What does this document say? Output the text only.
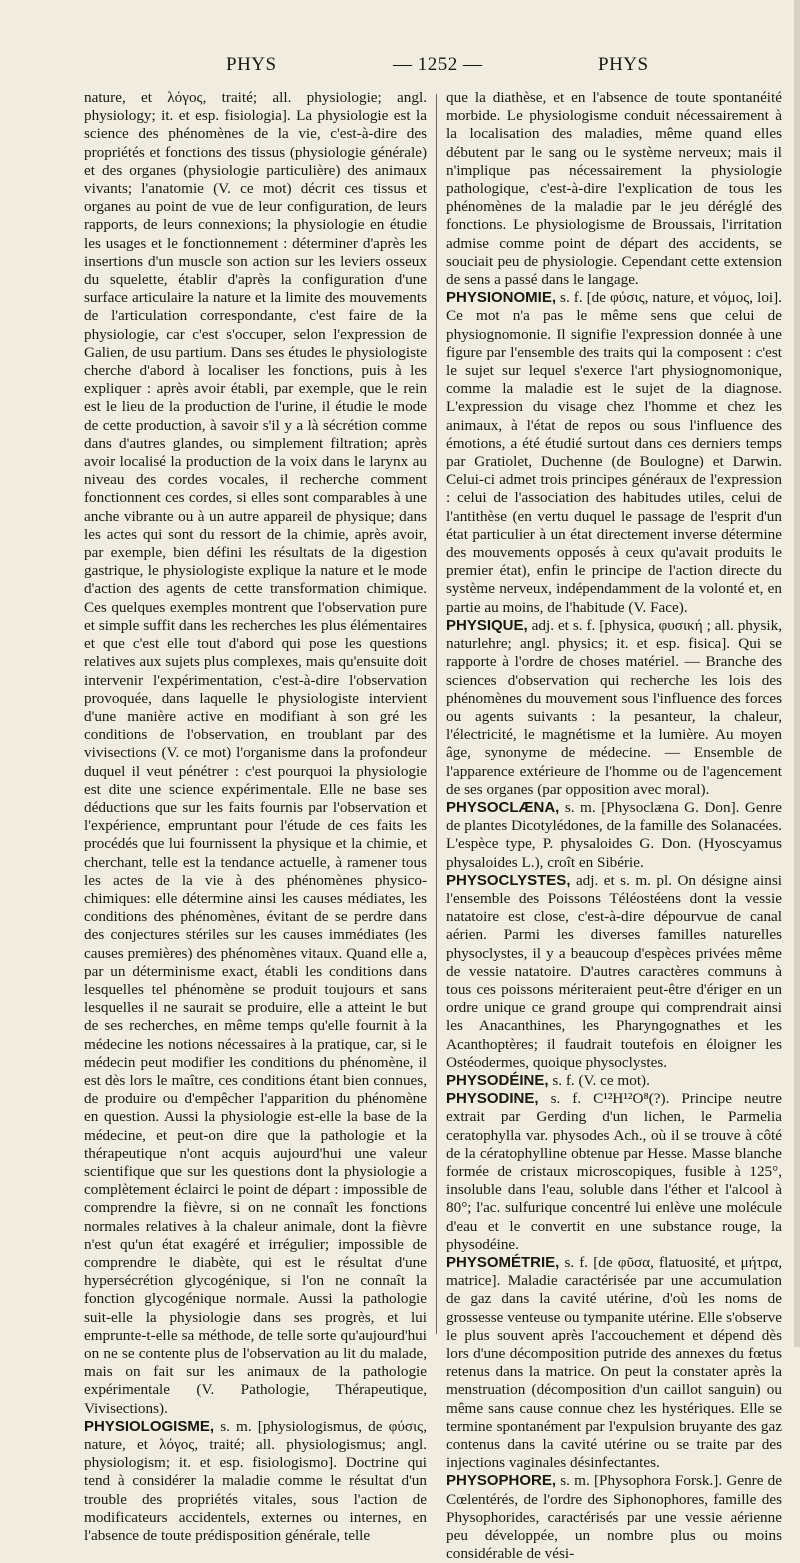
PHYS	— 1252 —	PHYS

nature, et λόγος, traité; all. physiologie; angl. physiology; it. et esp. fisiologia]. La physiologie est la science des phénomènes de la vie, c'est-à-dire des propriétés et fonctions des tissus (physiologie générale) et des organes (physiologie particulière) des animaux vivants; l'anatomie (V. ce mot) décrit ces tissus et organes au point de vue de leur configuration, de leurs rapports, de leurs connexions; la physiologie en étudie les usages et le fonctionnement : déterminer d'après les insertions d'un muscle son action sur les leviers osseux du squelette, établir d'après la configuration d'une surface articulaire la nature et la limite des mouvements de l'articulation correspondante, c'est faire de la physiologie, car c'est s'occuper, selon l'expression de Galien, de usu partium. Dans ses études le physiologiste cherche d'abord à localiser les fonctions, puis à les expliquer : après avoir établi, par exemple, que le rein est le lieu de la production de l'urine, il étudie le mode de cette production, à savoir s'il y a là sécrétion comme dans d'autres glandes, ou simplement filtration; après avoir localisé la production de la voix dans le larynx au niveau des cordes vocales, il recherche comment fonctionnent ces cordes, si elles sont comparables à une anche vibrante ou à un autre appareil de physique; dans les actes qui sont du ressort de la chimie, après avoir, par exemple, bien défini les résultats de la digestion gastrique, le physiologiste explique la nature et le mode d'action des agents de cette transformation chimique. Ces quelques exemples montrent que l'observation pure et simple suffit dans les recherches les plus élémentaires et que c'est elle tout d'abord qui pose les questions relatives aux sujets plus complexes, mais qu'ensuite doit intervenir l'expérimentation, c'est-à-dire l'observation provoquée, dans laquelle le physiologiste intervient d'une manière active en modifiant à son gré les conditions de l'observation, en troublant par des vivisections (V. ce mot) l'organisme dans la profondeur duquel il veut pénétrer : c'est pourquoi la physiologie est dite une science expérimentale. Elle ne base ses déductions que sur les faits fournis par l'observation et l'expérience, empruntant pour l'étude de ces faits les procédés que lui fournissent la physique et la chimie, et cherchant, telle est la tendance actuelle, à ramener tous les actes de la vie à des phénomènes physico-chimiques: elle détermine ainsi les causes médiates, les conditions des phénomènes, évitant de se perdre dans des conjectures stériles sur les causes immédiates (les causes premières) des phénomènes vitaux. Quand elle a, par un déterminisme exact, établi les conditions dans lesquelles tel phénomène se produit toujours et sans lesquelles il ne saurait se produire, elle a atteint le but de ses recherches, en même temps qu'elle fournit à la médecine les notions nécessaires à la pratique, car, si le médecin peut modifier les conditions du phénomène, il est dès lors le maître, ces conditions étant bien connues, de produire ou d'empêcher l'apparition du phénomène en question. Aussi la physiologie est-elle la base de la médecine, et peut-on dire que la pathologie et la thérapeutique n'ont acquis aujourd'hui une valeur scientifique que sur les questions dont la physiologie a complètement éclairci le point de départ : impossible de comprendre la fièvre, si on ne connaît les fonctions normales relatives à la chaleur animale, dont la fièvre n'est qu'un état exagéré et irrégulier; impossible de comprendre le diabète, qui est le résultat d'une hypersécrétion glycogénique, si l'on ne connaît la fonction glycogénique normale. Aussi la pathologie suit-elle la physiologie dans ses progrès, et lui emprunte-t-elle sa méthode, de telle sorte qu'aujourd'hui on ne se contente plus de l'observation au lit du malade, mais on fait sur les animaux de la pathologie expérimentale (V. Pathologie, Thérapeutique, Vivisections).

PHYSIOLOGISME, s. m. [physiologismus, de φύσις, nature, et λόγος, traité; all. physiologismus; angl. physiologism; it. et esp. fisiologismo]. Doctrine qui tend à considérer la maladie comme le résultat d'un trouble des propriétés vitales, sous l'action de modificateurs accidentels, externes ou internes, en l'absence de toute prédisposition générale, telle

que la diathèse, et en l'absence de toute spontanéité morbide. Le physiologisme conduit nécessairement à la localisation des maladies, même quand elles débutent par le sang ou le système nerveux; mais il n'implique pas nécessairement la physiologie pathologique, c'est-à-dire l'explication de tous les phénomènes de la maladie par le jeu déréglé des fonctions. Le physiologisme de Broussais, l'irritation admise comme point de départ des accidents, se souciait peu de physiologie. Cependant cette extension de sens a passé dans le langage.

PHYSIONOMIE, s. f. [de φύσις, nature, et νόμος, loi]. Ce mot n'a pas le même sens que celui de physiognomonie. Il signifie l'expression donnée à une figure par l'ensemble des traits qui la composent : c'est le sujet sur lequel s'exerce l'art physiognomonique, comme la maladie est le sujet de la diagnose. L'expression du visage chez l'homme et chez les animaux, à l'état de repos ou sous l'influence des émotions, a été étudié surtout dans ces derniers temps par Gratiolet, Duchenne (de Boulogne) et Darwin. Celui-ci admet trois principes généraux de l'expression : celui de l'association des habitudes utiles, celui de l'antithèse (en vertu duquel le passage de l'esprit d'un état particulier à un état directement inverse détermine des mouvements opposés à ceux qu'avait produits le premier état), enfin le principe de l'action directe du système nerveux, indépendamment de la volonté et, en partie au moins, de l'habitude (V. Face).

PHYSIQUE, adj. et s. f. [physica, φυσική ; all. physik, naturlehre; angl. physics; it. et esp. fisica]. Qui se rapporte à l'ordre de choses matériel. — Branche des sciences d'observation qui recherche les lois des phénomènes du mouvement sous l'influence des forces ou agents suivants : la pesanteur, la chaleur, l'électricité, le magnétisme et la lumière. Au moyen âge, synonyme de médecine. — Ensemble de l'apparence extérieure de l'homme ou de l'agencement de ses organes (par opposition avec moral).

PHYSOCLÆNA, s. m. [Physoclæna G. Don]. Genre de plantes Dicotylédones, de la famille des Solanacées. L'espèce type, P. physaloides G. Don. (Hyoscyamus physaloides L.), croît en Sibérie.

PHYSOCLYSTES, adj. et s. m. pl. On désigne ainsi l'ensemble des Poissons Téléostéens dont la vessie natatoire est close, c'est-à-dire dépourvue de canal aérien. Parmi les diverses familles naturelles physoclystes, il y a beaucoup d'espèces privées même de vessie natatoire. D'autres caractères communs à tous ces poissons mériteraient peut-être d'ériger en un ordre unique ce grand groupe qui comprendrait ainsi les Anacanthines, les Pharyngognathes et les Acanthoptères; il faudrait toutefois en éloigner les Ostéodermes, quoique physoclystes.

PHYSODÉINE, s. f. (V. ce mot).

PHYSODINE, s. f. C¹²H¹²O⁸(?). Principe neutre extrait par Gerding d'un lichen, le Parmelia ceratophylla var. physodes Ach., où il se trouve à côté de la cératophylline obtenue par Hesse. Masse blanche formée de cristaux microscopiques, fusible à 125°, insoluble dans l'eau, soluble dans l'éther et l'alcool à 80°; l'ac. sulfurique concentré lui enlève une molécule d'eau et le convertit en une substance rouge, la physodéine.

PHYSOMÉTRIE, s. f. [de φῦσα, flatuosité, et μήτρα, matrice]. Maladie caractérisée par une accumulation de gaz dans la cavité utérine, d'où les noms de grossesse venteuse ou tympanite utérine. Elle s'observe le plus souvent après l'accouchement et dépend dès lors d'une décomposition putride des annexes du fœtus retenus dans la matrice. On peut la constater après la menstruation (décomposition d'un caillot sanguin) ou même sans cause connue chez les hystériques. Elle se termine spontanément par l'expulsion bruyante des gaz contenus dans la cavité utérine ou se traite par des injections vaginales désinfectantes.

PHYSOPHORE, s. m. [Physophora Forsk.]. Genre de Cœlentérés, de l'ordre des Siphonophores, famille des Physophorides, caractérisés par une vessie aérienne peu développée, un nombre plus ou moins considérable de vési-
